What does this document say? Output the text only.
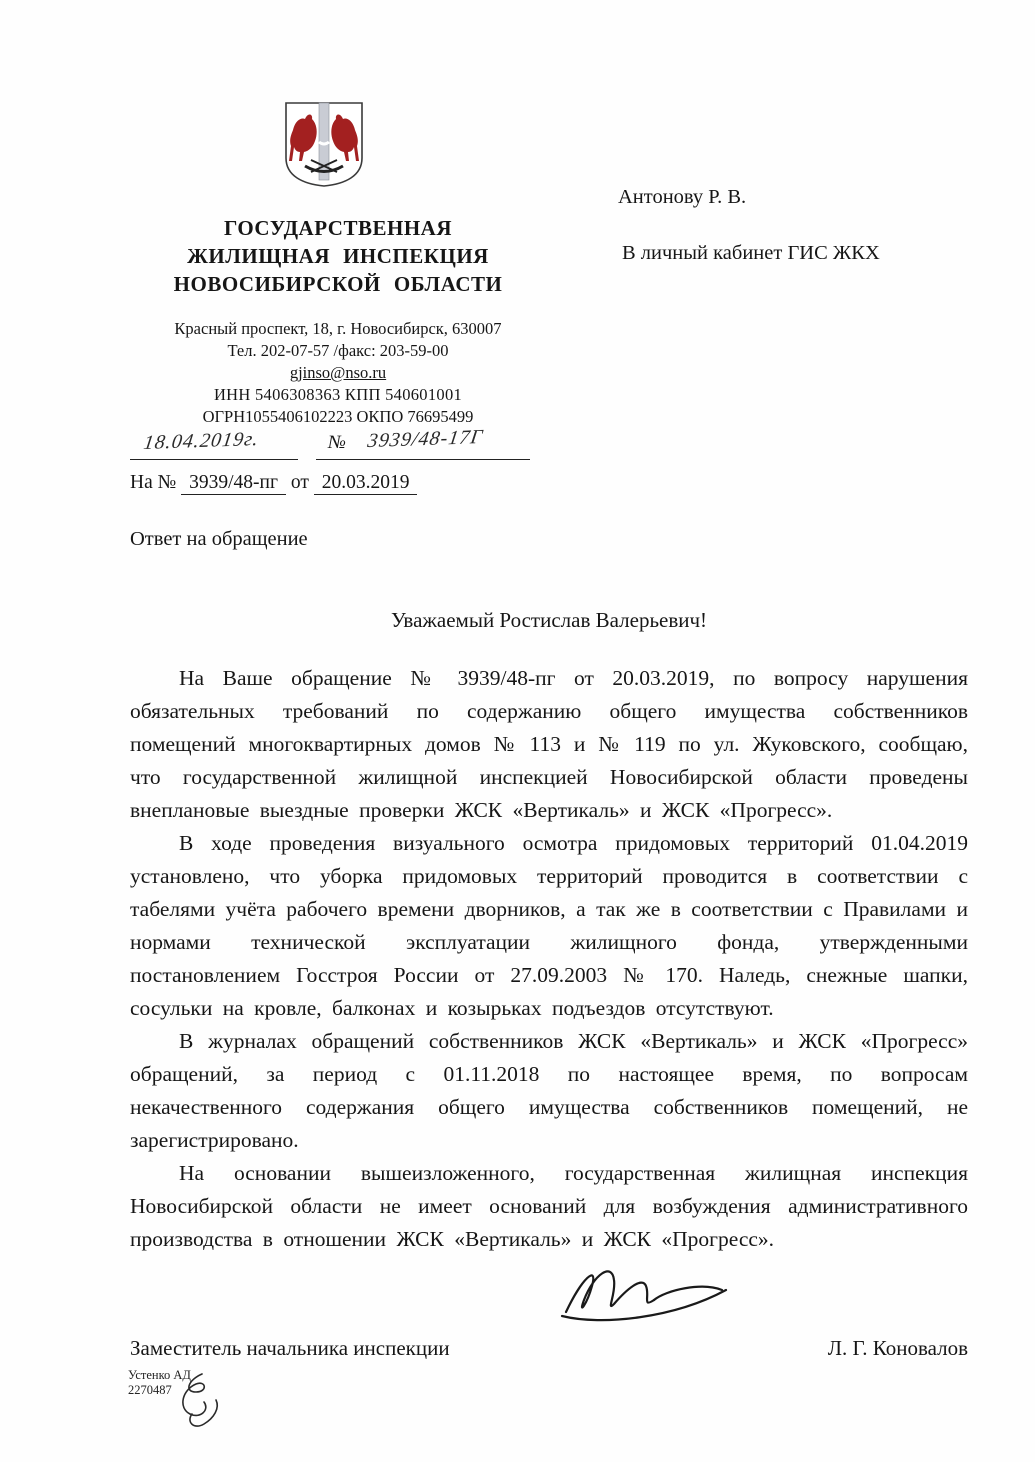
ГОСУДАРСТВЕННАЯ
ЖИЛИЩНАЯ ИНСПЕКЦИЯ
НОВОСИБИРСКОЙ ОБЛАСТИ
Красный проспект, 18, г. Новосибирск, 630007
Тел. 202-07-57 /факс: 203-59-00
gjinso@nso.ru
ИНН 5406308363 КПП 540601001
ОГРН1055406102223 ОКПО 76695499
18.04.2019г.	№ 3939/48-17Г
На № 3939/48-пг от 20.03.2019
Антонову Р. В.
В личный кабинет ГИС ЖКХ
Ответ на обращение
Уважаемый Ростислав Валерьевич!

На Ваше обращение № 3939/48-пг от 20.03.2019, по вопросу нарушения обязательных требований по содержанию общего имущества собственников помещений многоквартирных домов № 113 и № 119 по ул. Жуковского, сообщаю, что государственной жилищной инспекцией Новосибирской области проведены внеплановые выездные проверки ЖСК «Вертикаль» и ЖСК «Прогресс».

В ходе проведения визуального осмотра придомовых территорий 01.04.2019 установлено, что уборка придомовых территорий проводится в соответствии с табелями учёта рабочего времени дворников, а так же в соответствии с Правилами и нормами технической эксплуатации жилищного фонда, утвержденными постановлением Госстроя России от 27.09.2003 № 170. Наледь, снежные шапки, сосульки на кровле, балконах и козырьках подъездов отсутствуют.

В журналах обращений собственников ЖСК «Вертикаль» и ЖСК «Прогресс» обращений, за период с 01.11.2018 по настоящее время, по вопросам некачественного содержания общего имущества собственников помещений, не зарегистрировано.

На основании вышеизложенного, государственная жилищная инспекция Новосибирской области не имеет оснований для возбуждения административного производства в отношении ЖСК «Вертикаль» и ЖСК «Прогресс».

Заместитель начальника инспекции	Л. Г. Коновалов
Устенко АД
2270487
